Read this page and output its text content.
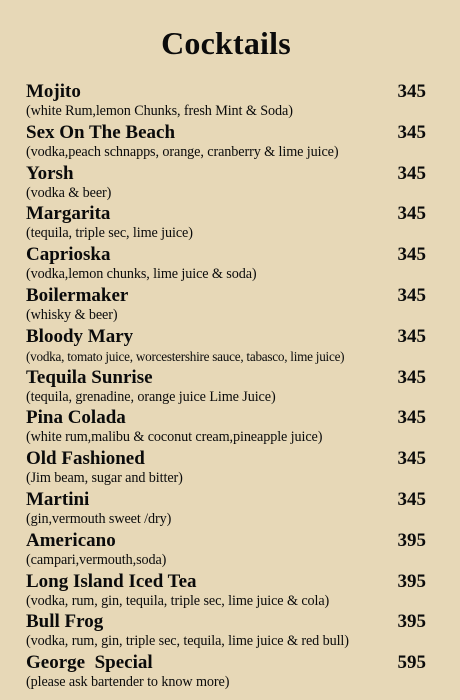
Cocktails
Mojito	345
(white Rum,lemon Chunks, fresh Mint & Soda)
Sex On The Beach	345
(vodka,peach schnapps, orange, cranberry & lime juice)
Yorsh	345
(vodka & beer)
Margarita	345
(tequila, triple sec, lime juice)
Caprioska	345
(vodka,lemon chunks, lime juice & soda)
Boilermaker	345
(whisky & beer)
Bloody Mary	345
(vodka, tomato juice, worcestershire sauce, tabasco, lime juice)
Tequila Sunrise	345
(tequila, grenadine, orange juice Lime Juice)
Pina Colada	345
(white rum,malibu & coconut cream,pineapple juice)
Old Fashioned	345
(Jim beam, sugar and bitter)
Martini	345
(gin,vermouth sweet /dry)
Americano	395
(campari,vermouth,soda)
Long Island Iced Tea	395
(vodka, rum, gin, tequila, triple sec, lime juice & cola)
Bull Frog	395
(vodka, rum, gin, triple sec, tequila, lime juice & red bull)
George  Special	595
(please ask bartender to know more)
